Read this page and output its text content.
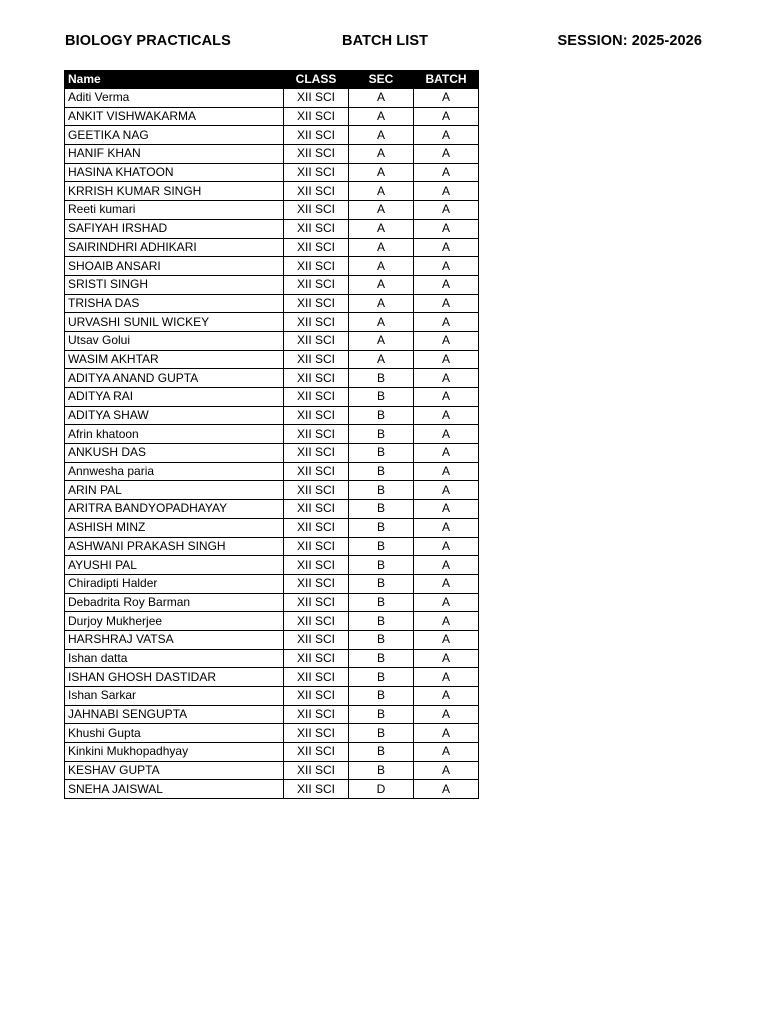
BIOLOGY PRACTICALS	BATCH LIST	SESSION: 2025-2026
Name	CLASS	SEC	BATCH
Aditi Verma	XII SCI	A	A
ANKIT VISHWAKARMA	XII SCI	A	A
GEETIKA NAG	XII SCI	A	A
HANIF KHAN	XII SCI	A	A
HASINA KHATOON	XII SCI	A	A
KRRISH KUMAR SINGH	XII SCI	A	A
Reeti kumari	XII SCI	A	A
SAFIYAH IRSHAD	XII SCI	A	A
SAIRINDHRI ADHIKARI	XII SCI	A	A
SHOAIB ANSARI	XII SCI	A	A
SRISTI SINGH	XII SCI	A	A
TRISHA DAS	XII SCI	A	A
URVASHI SUNIL WICKEY	XII SCI	A	A
Utsav Golui	XII SCI	A	A
WASIM AKHTAR	XII SCI	A	A
ADITYA ANAND GUPTA	XII SCI	B	A
ADITYA RAI	XII SCI	B	A
ADITYA SHAW	XII SCI	B	A
Afrin khatoon	XII SCI	B	A
ANKUSH DAS	XII SCI	B	A
Annwesha paria	XII SCI	B	A
ARIN PAL	XII SCI	B	A
ARITRA BANDYOPADHAYAY	XII SCI	B	A
ASHISH MINZ	XII SCI	B	A
ASHWANI PRAKASH SINGH	XII SCI	B	A
AYUSHI PAL	XII SCI	B	A
Chiradipti Halder	XII SCI	B	A
Debadrita Roy Barman	XII SCI	B	A
Durjoy Mukherjee	XII SCI	B	A
HARSHRAJ VATSA	XII SCI	B	A
Ishan datta	XII SCI	B	A
ISHAN GHOSH DASTIDAR	XII SCI	B	A
Ishan Sarkar	XII SCI	B	A
JAHNABI SENGUPTA	XII SCI	B	A
Khushi Gupta	XII SCI	B	A
Kinkini Mukhopadhyay	XII SCI	B	A
KESHAV GUPTA	XII SCI	B	A
SNEHA JAISWAL	XII SCI	D	A
